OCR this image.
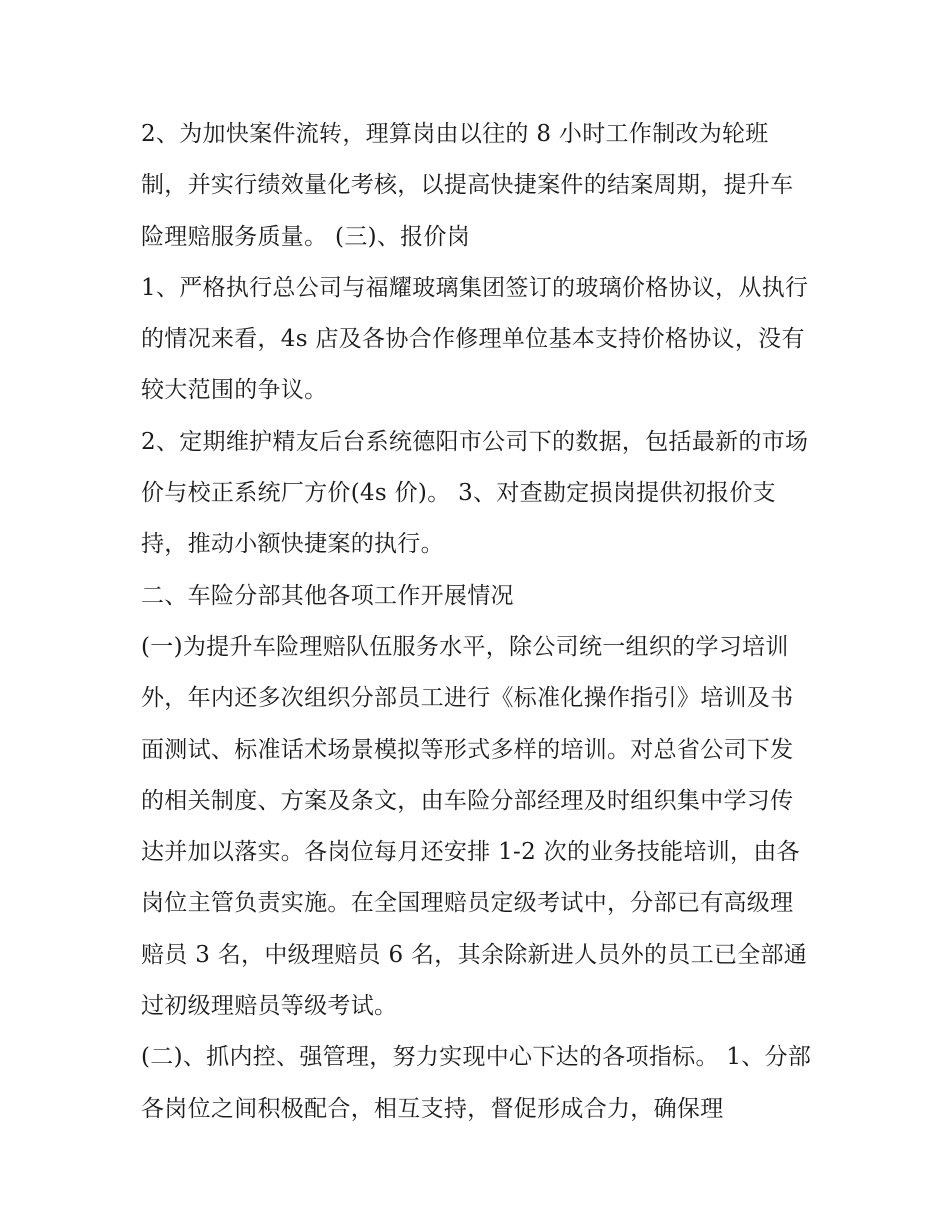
2、为加快案件流转，理算岗由以往的 8 小时工作制改为轮班制，并实行绩效量化考核，以提高快捷案件的结案周期，提升车险理赔服务质量。 (三)、报价岗

1、严格执行总公司与福耀玻璃集团签订的玻璃价格协议，从执行的情况来看，4s 店及各协合作修理单位基本支持价格协议，没有较大范围的争议。

2、定期维护精友后台系统德阳市公司下的数据，包括最新的市场价与校正系统厂方价(4s 价)。 3、对查勘定损岗提供初报价支持，推动小额快捷案的执行。

二、车险分部其他各项工作开展情况

(一)为提升车险理赔队伍服务水平，除公司统一组织的学习培训外，年内还多次组织分部员工进行《标准化操作指引》培训及书面测试、标准话术场景模拟等形式多样的培训。对总省公司下发的相关制度、方案及条文，由车险分部经理及时组织集中学习传达并加以落实。各岗位每月还安排 1-2 次的业务技能培训，由各岗位主管负责实施。在全国理赔员定级考试中，分部已有高级理赔员 3 名，中级理赔员 6 名，其余除新进人员外的员工已全部通过初级理赔员等级考试。

(二)、抓内控、强管理，努力实现中心下达的各项指标。 1、分部各岗位之间积极配合，相互支持，督促形成合力，确保理
